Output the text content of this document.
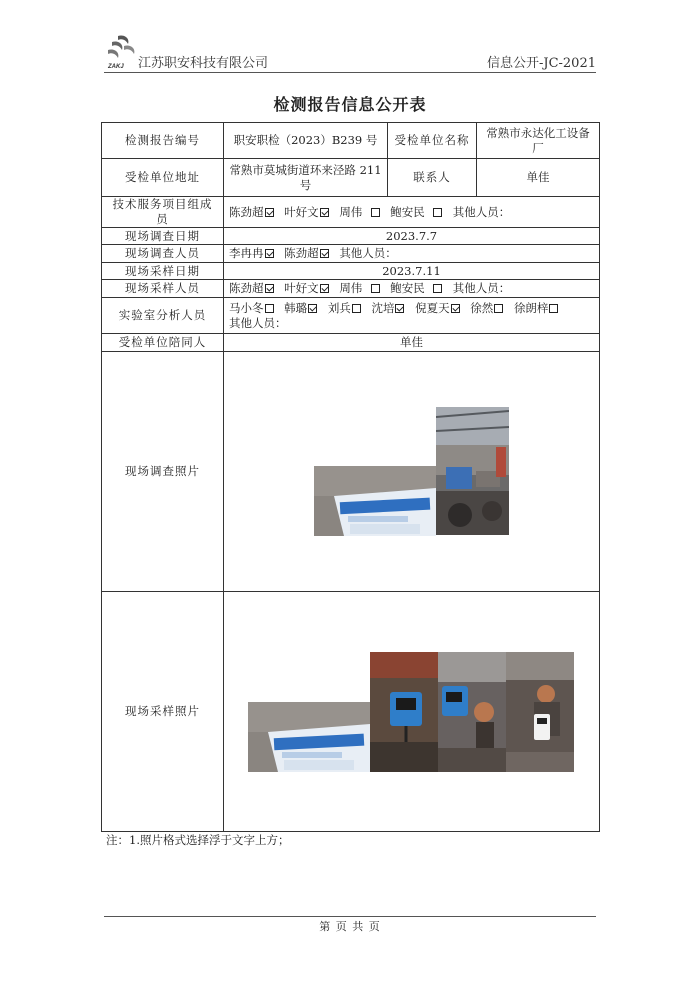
ZAKJ 江苏职安科技有限公司	信息公开-JC-2021
检测报告信息公开表
检测报告编号	职安职检（2023）B239 号	受检单位名称	常熟市永达化工设备厂
受检单位地址	常熟市莫城街道环来泾路 211 号	联系人	单佳
技术服务项目组成员	陈劲超 叶好文 周伟 鲍安民 其他人员：		
现场调查日期	2023.7.7		
现场调查人员	李冉冉 陈劲超 其他人员：		
现场采样日期	2023.7.11		
现场采样人员	陈劲超 叶好文 周伟 鲍安民 其他人员：		
实验室分析人员	马小冬 韩璐 刘兵 沈培 倪夏天 徐然 徐朗梓
其他人员：		
受检单位陪同人	单佳		
现场调查照片	

现场采样照片	
注：1.照片格式选择浮于文字上方；
第 页 共 页
